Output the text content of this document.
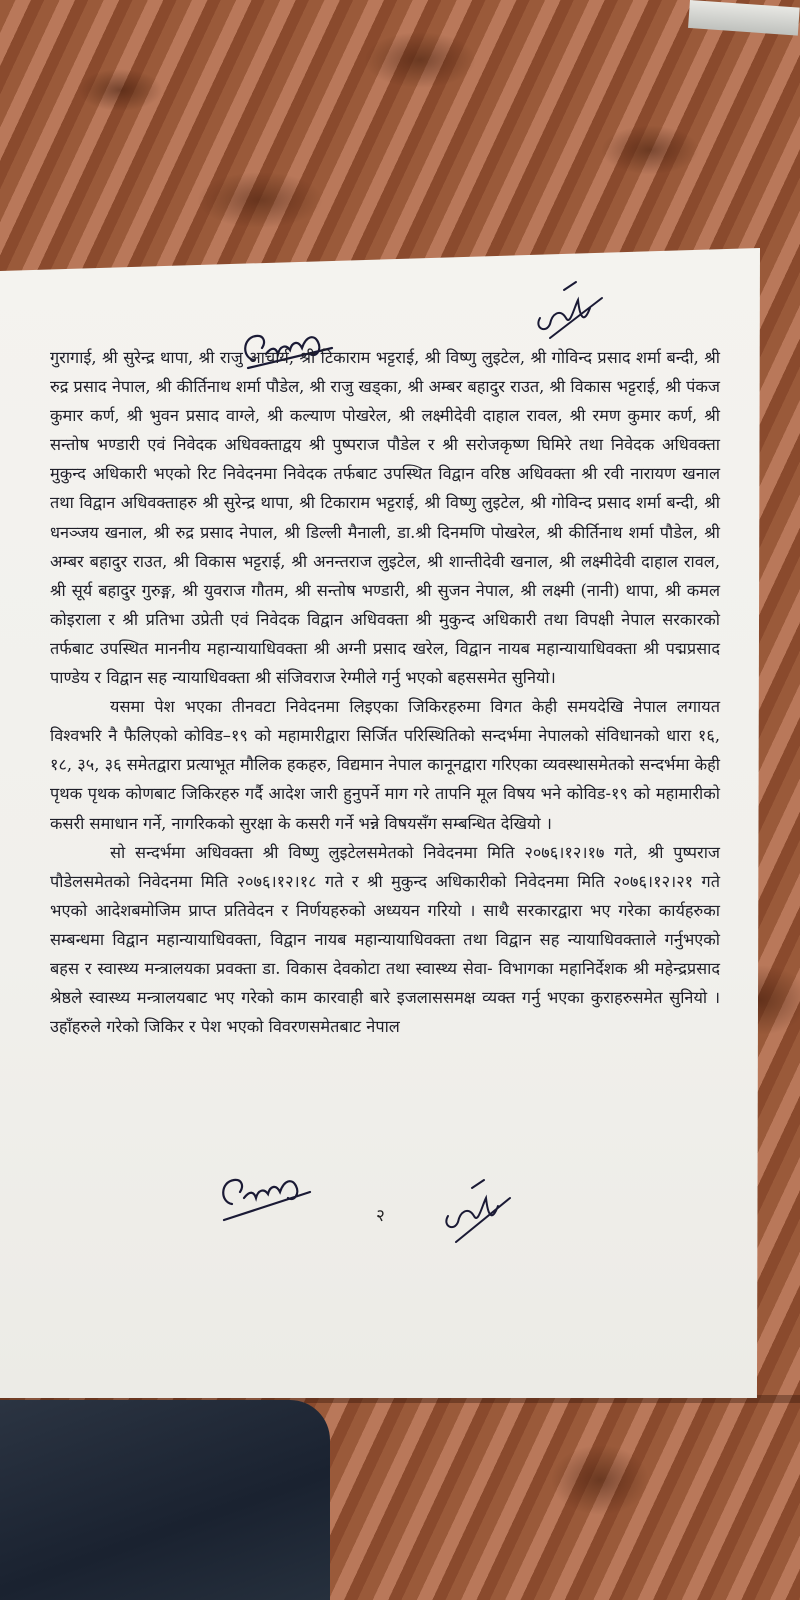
गुरागाई, श्री सुरेन्द्र थापा, श्री राजु आचार्य, श्री टिकाराम भट्टराई, श्री विष्णु लुइटेल, श्री गोविन्द प्रसाद शर्मा बन्दी, श्री रुद्र प्रसाद नेपाल, श्री कीर्तिनाथ शर्मा पौडेल, श्री राजु खड्का, श्री अम्बर बहादुर राउत, श्री विकास भट्टराई, श्री पंकज कुमार कर्ण, श्री भुवन प्रसाद वाग्ले, श्री कल्याण पोखरेल, श्री लक्ष्मीदेवी दाहाल रावल, श्री रमण कुमार कर्ण, श्री सन्तोष भण्डारी एवं निवेदक अधिवक्ताद्वय श्री पुष्पराज पौडेल र श्री सरोजकृष्ण घिमिरे तथा निवेदक अधिवक्ता मुकुन्द अधिकारी भएको रिट निवेदनमा निवेदक तर्फबाट उपस्थित विद्वान वरिष्ठ अधिवक्ता श्री रवी नारायण खनाल तथा विद्वान अधिवक्ताहरु श्री सुरेन्द्र थापा, श्री टिकाराम भट्टराई, श्री विष्णु लुइटेल, श्री गोविन्द प्रसाद शर्मा बन्दी, श्री धनञ्जय खनाल, श्री रुद्र प्रसाद नेपाल, श्री डिल्ली मैनाली, डा.श्री दिनमणि पोखरेल, श्री कीर्तिनाथ शर्मा पौडेल, श्री अम्बर बहादुर राउत, श्री विकास भट्टराई, श्री अनन्तराज लुइटेल, श्री शान्तीदेवी खनाल, श्री लक्ष्मीदेवी दाहाल रावल, श्री सूर्य बहादुर गुरुङ्ग, श्री युवराज गौतम, श्री सन्तोष भण्डारी, श्री सुजन नेपाल, श्री लक्ष्मी (नानी) थापा, श्री कमल कोइराला र श्री प्रतिभा उप्रेती एवं निवेदक विद्वान अधिवक्ता श्री मुकुन्द अधिकारी तथा विपक्षी नेपाल सरकारको तर्फबाट उपस्थित माननीय महान्यायाधिवक्ता श्री अग्नी प्रसाद खरेल, विद्वान नायब महान्यायाधिवक्ता श्री पद्मप्रसाद पाण्डेय र विद्वान सह न्यायाधिवक्ता श्री संजिवराज रेग्मीले गर्नु भएको बहससमेत सुनियो।

यसमा पेश भएका तीनवटा निवेदनमा लिइएका जिकिरहरुमा विगत केही समयदेखि नेपाल लगायत विश्वभरि नै फैलिएको कोविड–१९ को महामारीद्वारा सिर्जित परिस्थितिको सन्दर्भमा नेपालको संविधानको धारा १६, १८, ३५, ३६ समेतद्वारा प्रत्याभूत मौलिक हकहरु, विद्यमान नेपाल कानूनद्वारा गरिएका व्यवस्थासमेतको सन्दर्भमा केही पृथक पृथक कोणबाट जिकिरहरु गर्दै आदेश जारी हुनुपर्ने माग गरे तापनि मूल विषय भने कोविड-१९ को महामारीको कसरी समाधान गर्ने, नागरिकको सुरक्षा के कसरी गर्ने भन्ने विषयसँग सम्बन्धित देखियो ।

सो सन्दर्भमा अधिवक्ता श्री विष्णु लुइटेलसमेतको निवेदनमा मिति २०७६।१२।१७ गते, श्री पुष्पराज पौडेलसमेतको निवेदनमा मिति २०७६।१२।१८ गते र श्री मुकुन्द अधिकारीको निवेदनमा मिति २०७६।१२।२१ गते भएको आदेशबमोजिम प्राप्त प्रतिवेदन र निर्णयहरुको अध्ययन गरियो । साथै सरकारद्वारा भए गरेका कार्यहरुका सम्बन्धमा विद्वान महान्यायाधिवक्ता, विद्वान नायब महान्यायाधिवक्ता तथा विद्वान सह न्यायाधिवक्ताले गर्नुभएको बहस र स्वास्थ्य मन्त्रालयका प्रवक्ता डा. विकास देवकोटा तथा स्वास्थ्य सेवा- विभागका महानिर्देशक श्री महेन्द्रप्रसाद श्रेष्ठले स्वास्थ्य मन्त्रालयबाट भए गरेको काम कारवाही बारे इजलाससमक्ष व्यक्त गर्नु भएका कुराहरुसमेत सुनियो । उहाँहरुले गरेको जिकिर र पेश भएको विवरणसमेतबाट नेपाल

२
